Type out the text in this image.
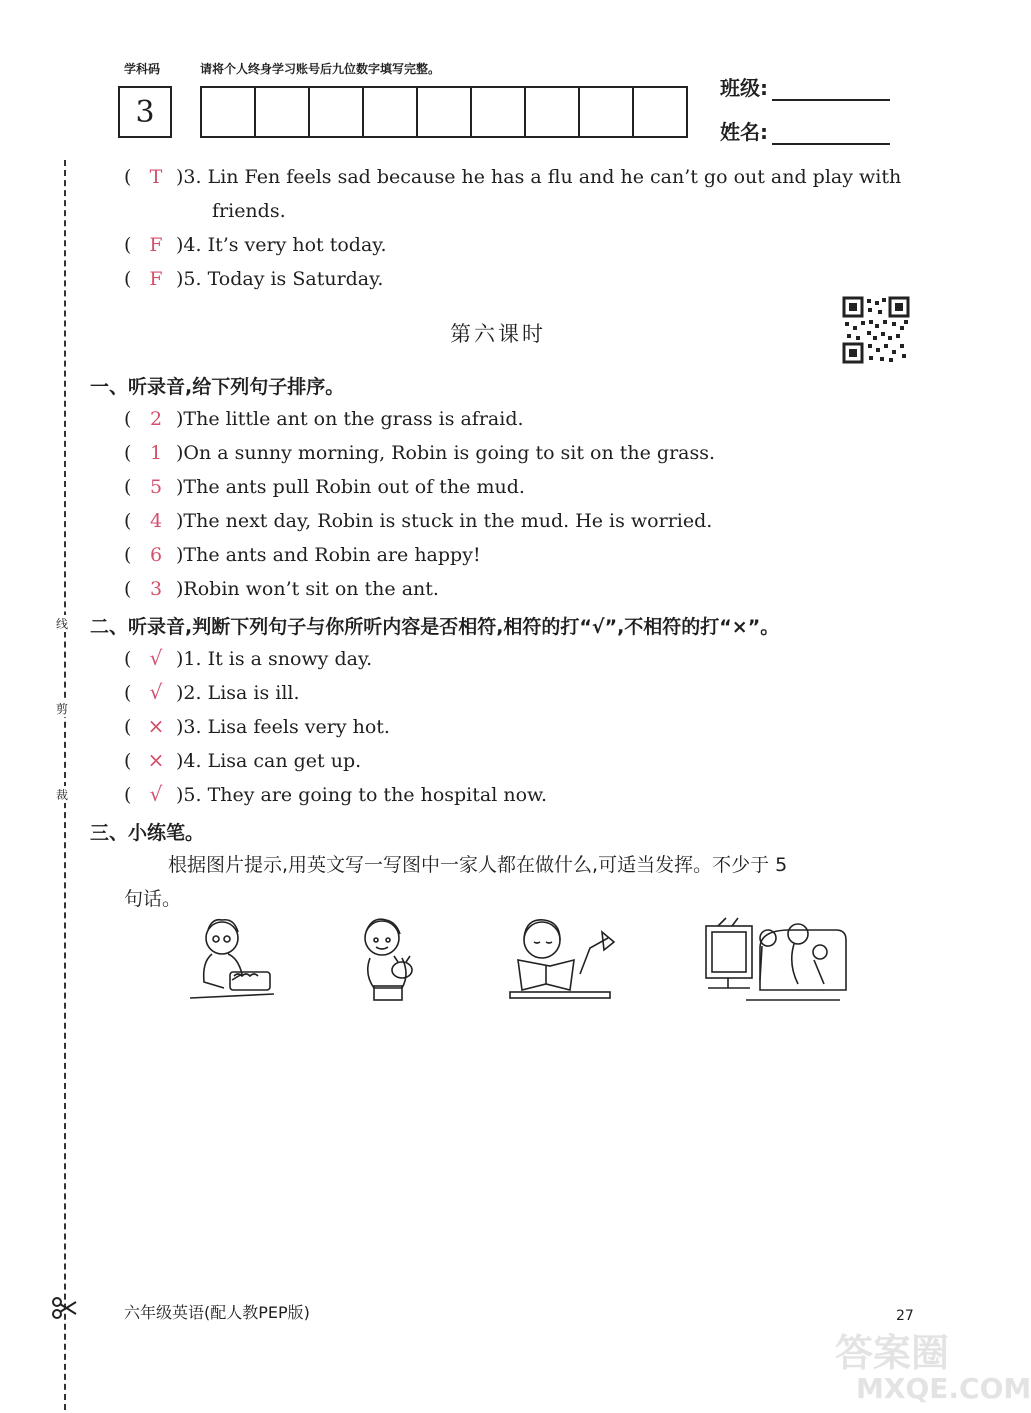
学科码	请将个人终身学习账号后九位数字填写完整。
3
班级:
姓名:
线
剪
裁
( T )3. Lin Fen feels sad because he has a flu and he can’t go out and play with
friends.
( F )4. It’s very hot today.
( F )5. Today is Saturday.
第六课时
一、听录音,给下列句子排序。
( 2 )The little ant on the grass is afraid.
( 1 )On a sunny morning, Robin is going to sit on the grass.
( 5 )The ants pull Robin out of the mud.
( 4 )The next day, Robin is stuck in the mud. He is worried.
( 6 )The ants and Robin are happy!
( 3 )Robin won’t sit on the ant.
二、听录音,判断下列句子与你所听内容是否相符,相符的打“√”,不相符的打“×”。
( √ )1. It is a snowy day.
( √ )2. Lisa is ill.
( × )3. Lisa feels very hot.
( × )4. Lisa can get up.
( √ )5. They are going to the hospital now.
三、小练笔。
根据图片提示,用英文写一写图中一家人都在做什么,可适当发挥。不少于 5
句话。
六年级英语(配人教PEP版)	27
答案圈
MXQE.COM
